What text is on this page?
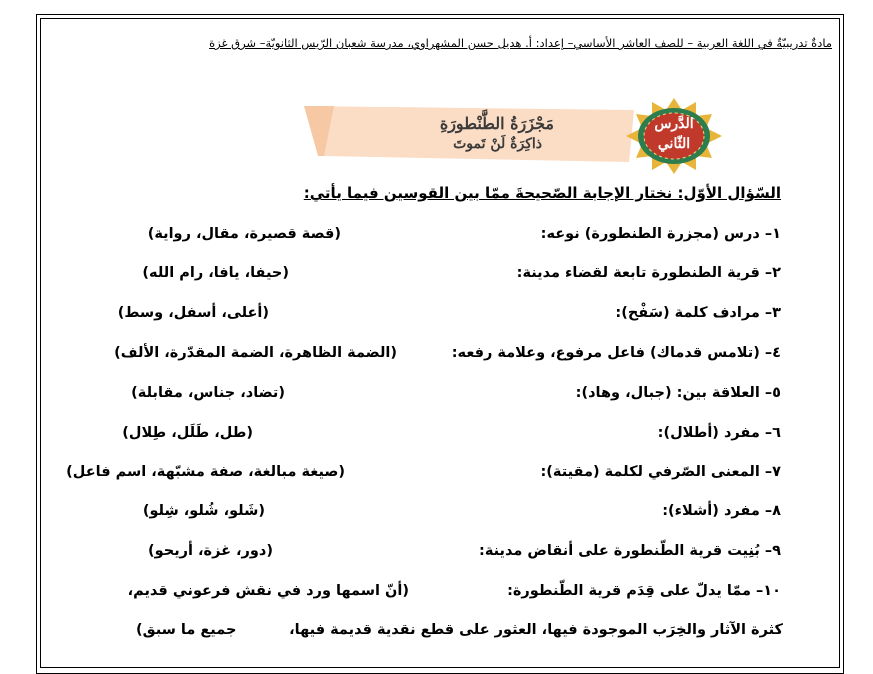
مادةٌ تدريبيّةٌ في اللغة العربية – للصف العاشر الأساسي– إعداد: أ. هديل حسن المشهراوي، مدرسة شعبان الرّيس الثانويّة– شرق غزة
مَجْزَرَةُ الطَّنْطورَةِ
ذاكِرَةٌ لَنْ تَموتَ
الدَّرس
الثّاني
السّؤال الأوّل: نختار الإجابة الصّحيحةَ ممّا بين القوسين فيما يأتي:
١– درس (مجزرة الطنطورة) نوعه:
(قصة قصيرة، مقال، رواية)
٢– قرية الطنطورة تابعة لقضاء مدينة:
(حيفا، يافا، رام الله)
٣– مرادف كلمة (سَفْح):
(أعلى، أسفل، وسط)
٤– (تلامس قدماك) فاعل مرفوع، وعلامة رفعه:
(الضمة الظاهرة، الضمة المقدّرة، الألف)
٥– العلاقة بين: (جبال، وهاد):
(تضاد، جناس، مقابلة)
٦– مفرد (أطلال):
(طل، طَلَل، طِلال)
٧– المعنى الصّرفي لكلمة (مقيتة):
(صيغة مبالغة، صفة مشبّهة، اسم فاعل)
٨– مفرد (أشلاء):
(شَلو، شُلو، شِلو)
٩– بُنِيت قرية الطّنطورة على أنقاض مدينة:
(دور، غزة، أريحو)
١٠– ممّا يدلّ على قِدَم قرية الطّنطورة:
(أنّ اسمها ورد في نقش فرعوني قديم،
كثرة الآثار والخِرَب الموجودة فيها، العثور على قطع نقدية قديمة فيها،
جميع ما سبق)
